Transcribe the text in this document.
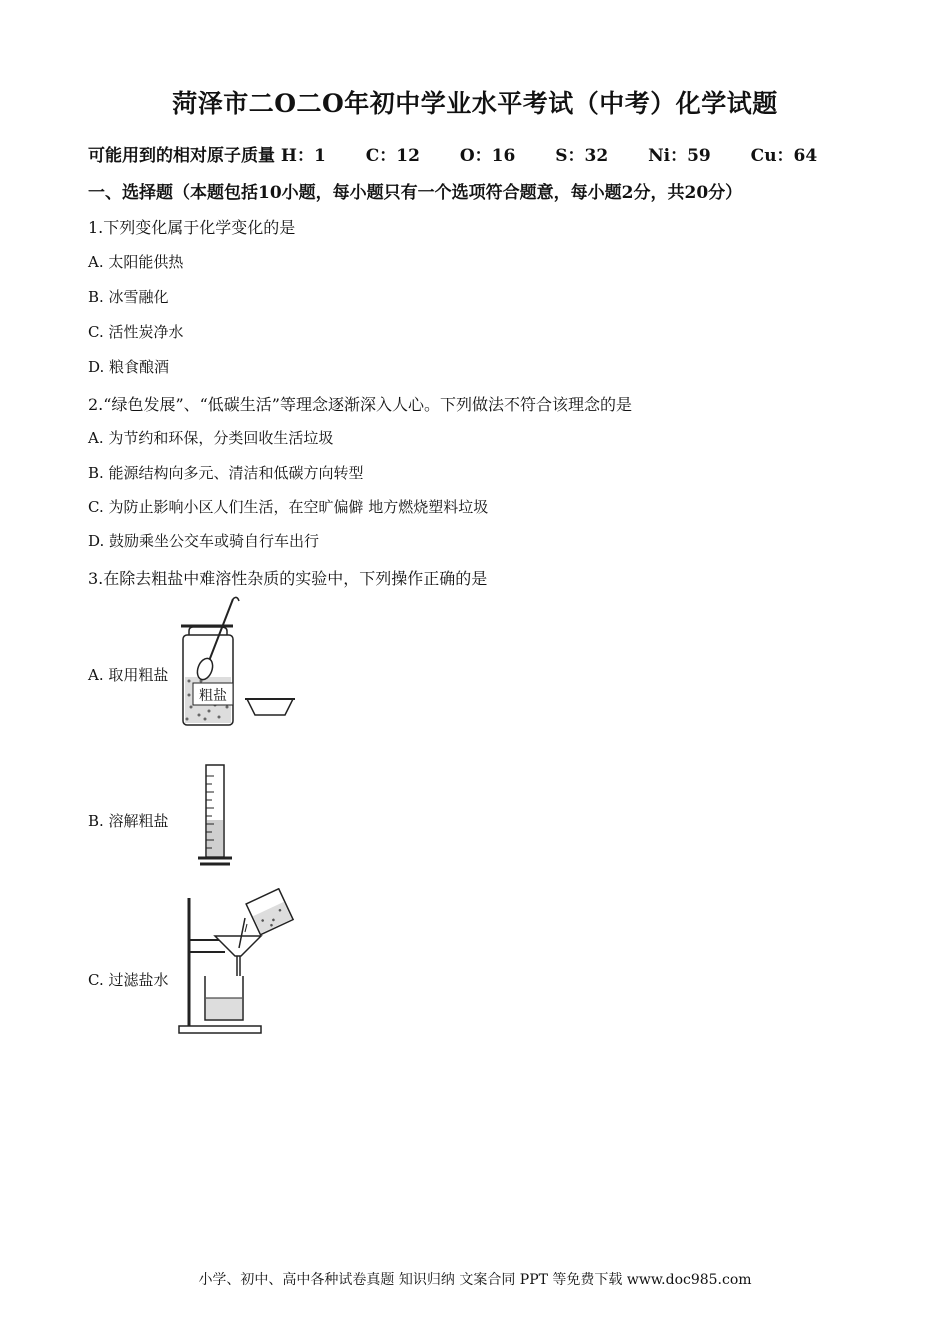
菏泽市二O二O年初中学业水平考试（中考）化学试题
可能用到的相对原子质量 H：1 C：12 O：16 S：32 Ni：59 Cu：64
一、选择题（本题包括10小题，每小题只有一个选项符合题意，每小题2分，共20分）
1.下列变化属于化学变化的是
A. 太阳能供热
B. 冰雪融化
C. 活性炭净水
D. 粮食酿酒
2.“绿色发展”、“低碳生活”等理念逐渐深入人心。下列做法不符合该理念的是
A. 为节约和环保，分类回收生活垃圾
B. 能源结构向多元、清洁和低碳方向转型
C. 为防止影响小区人们生活，在空旷偏僻 地方燃烧塑料垃圾
D. 鼓励乘坐公交车或骑自行车出行
3.在除去粗盐中难溶性杂质的实验中，下列操作正确的是
A. 取用粗盐
粗盐
B. 溶解粗盐
C. 过滤盐水
小学、初中、高中各种试卷真题 知识归纳 文案合同 PPT 等免费下载 www.doc985.com
